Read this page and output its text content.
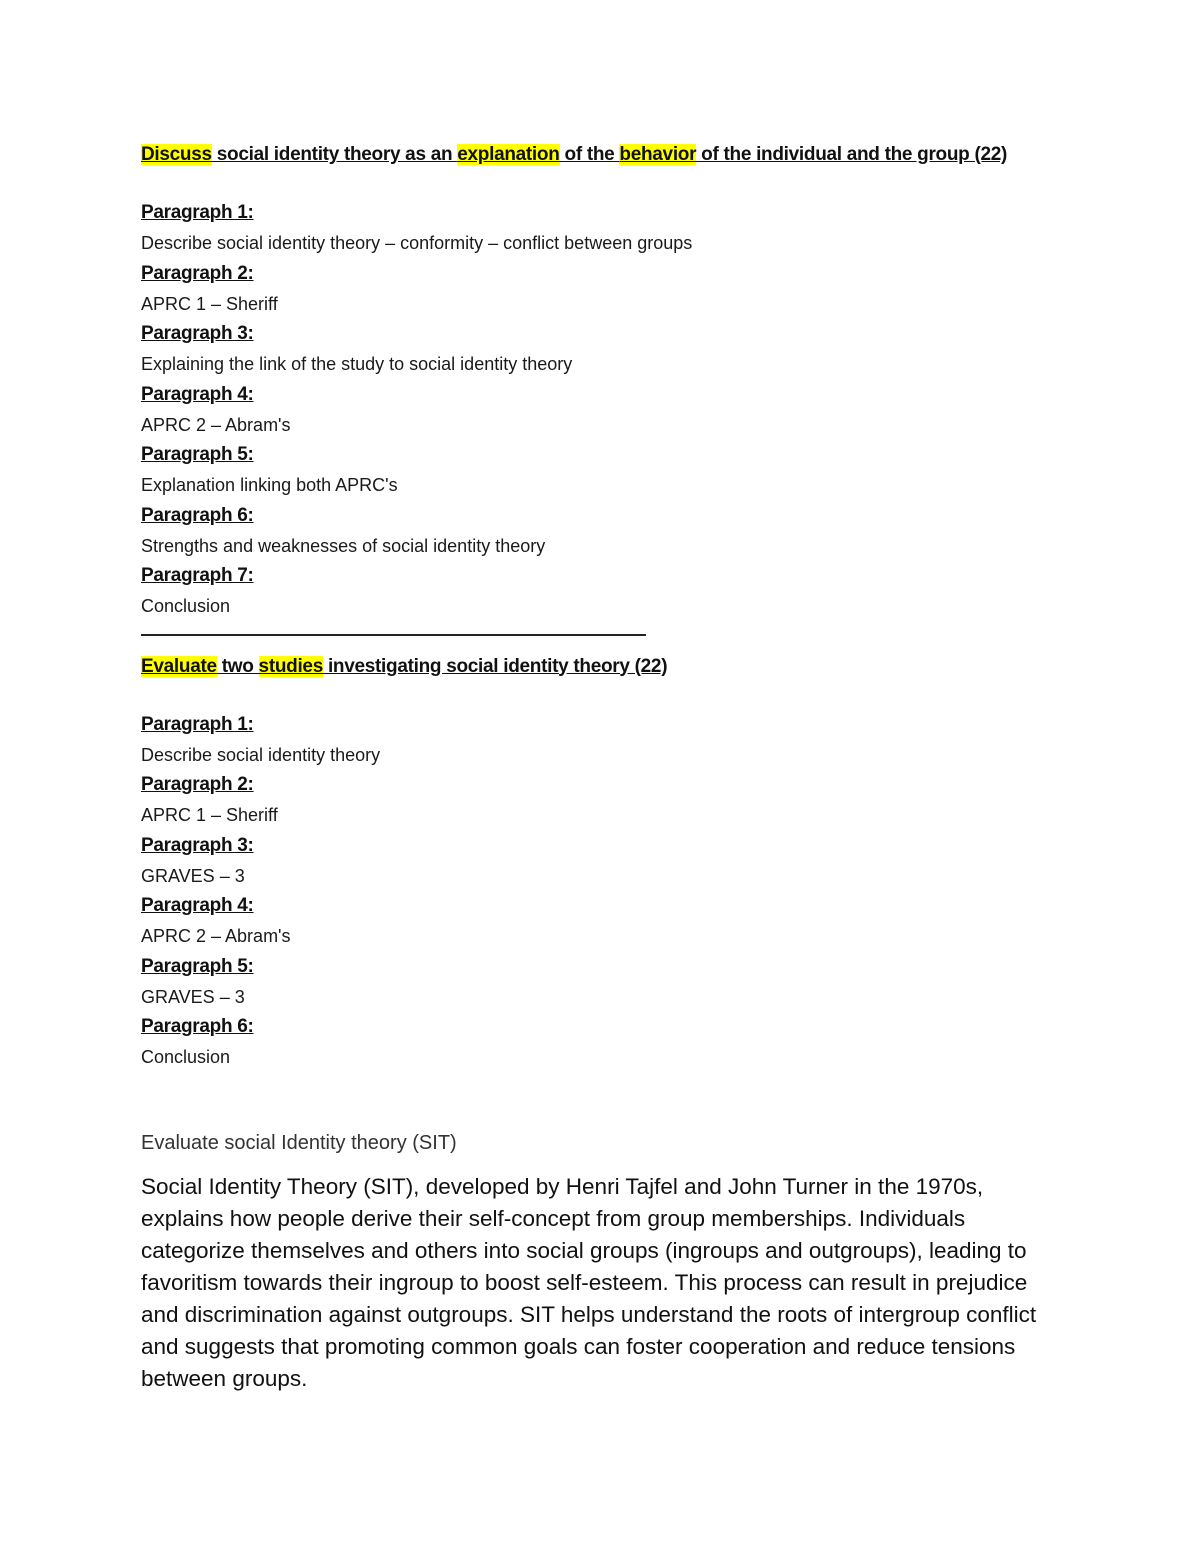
Discuss social identity theory as an explanation of the behavior of the individual and the group (22)
Paragraph 1:
Describe social identity theory – conformity – conflict between groups
Paragraph 2:
APRC 1 – Sheriff
Paragraph 3:
Explaining the link of the study to social identity theory
Paragraph 4:
APRC 2 – Abram's
Paragraph 5:
Explanation linking both APRC's
Paragraph 6:
Strengths and weaknesses of social identity theory
Paragraph 7:
Conclusion
Evaluate two studies investigating social identity theory (22)
Paragraph 1:
Describe social identity theory
Paragraph 2:
APRC 1 – Sheriff
Paragraph 3:
GRAVES – 3
Paragraph 4:
APRC 2 – Abram's
Paragraph 5:
GRAVES – 3
Paragraph 6:
Conclusion
Evaluate social Identity theory (SIT)
Social Identity Theory (SIT), developed by Henri Tajfel and John Turner in the 1970s, explains how people derive their self-concept from group memberships. Individuals categorize themselves and others into social groups (ingroups and outgroups), leading to favoritism towards their ingroup to boost self-esteem. This process can result in prejudice and discrimination against outgroups. SIT helps understand the roots of intergroup conflict and suggests that promoting common goals can foster cooperation and reduce tensions between groups.
